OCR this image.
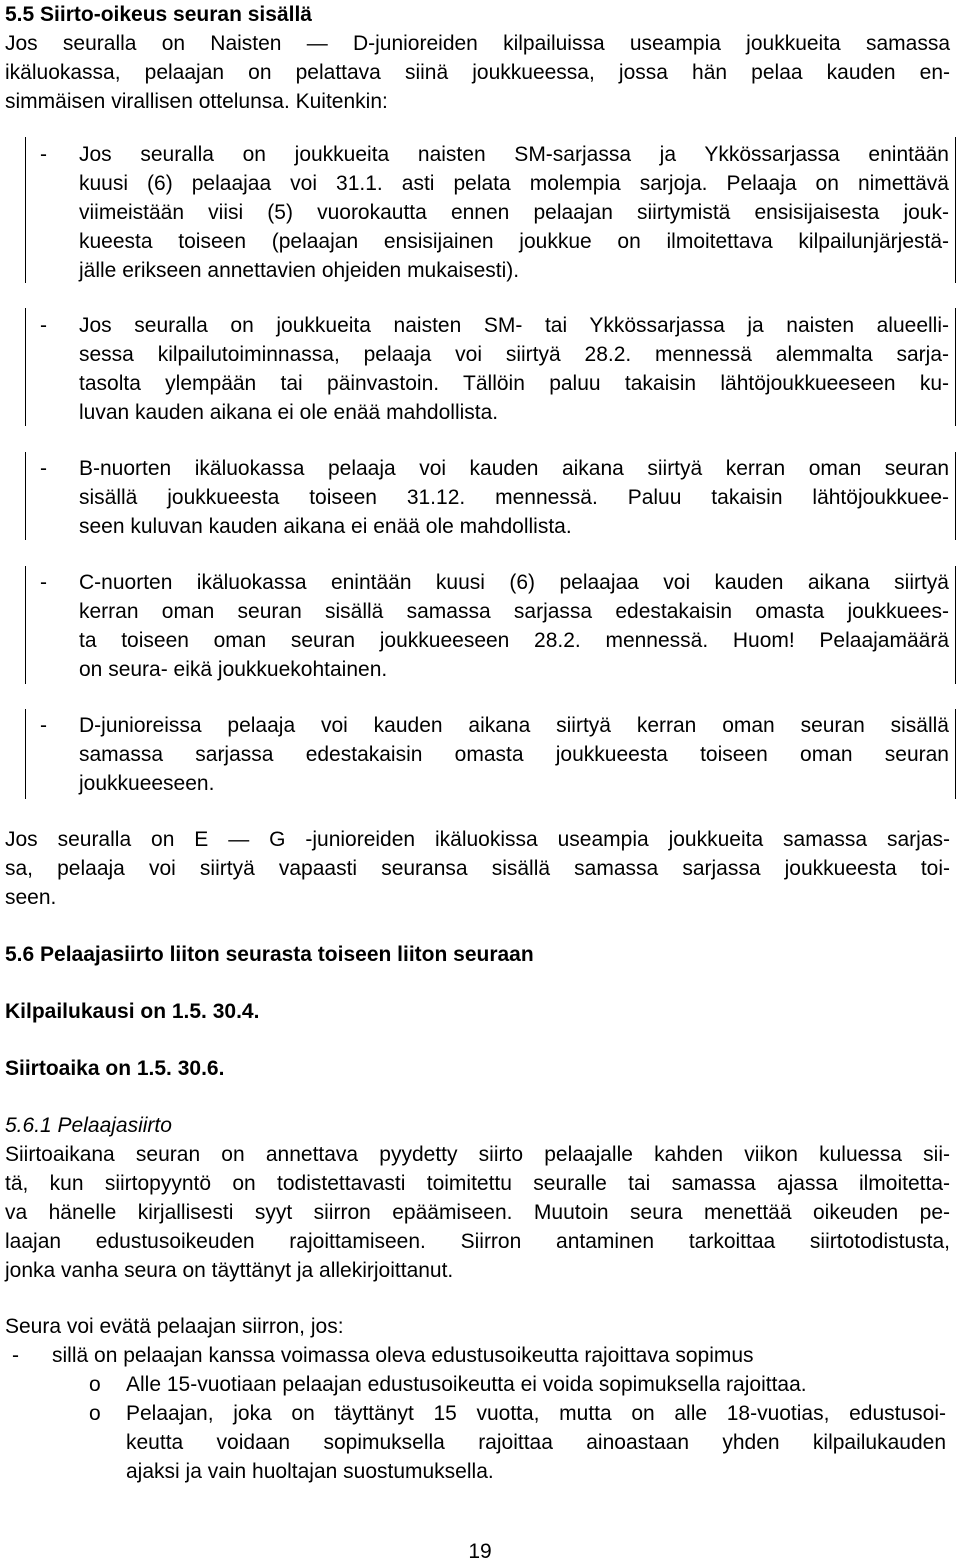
5.5 Siirto-oikeus seuran sisällä
Jos seuralla on Naisten — D-junioreiden kilpailuissa useampia joukkueita samassa
ikäluokassa, pelaajan on pelattava siinä joukkueessa, jossa hän pelaa kauden en-
simmäisen virallisen ottelunsa. Kuitenkin:
- Jos seuralla on joukkueita naisten SM-sarjassa ja Ykkössarjassa enintään
kuusi (6) pelaajaa voi 31.1. asti pelata molempia sarjoja. Pelaaja on nimettävä
viimeistään viisi (5) vuorokautta ennen pelaajan siirtymistä ensisijaisesta jouk-
kueesta toiseen (pelaajan ensisijainen joukkue on ilmoitettava kilpailunjärjestä-
jälle erikseen annettavien ohjeiden mukaisesti).
- Jos seuralla on joukkueita naisten SM- tai Ykkössarjassa ja naisten alueelli-
sessa kilpailutoiminnassa, pelaaja voi siirtyä 28.2. mennessä alemmalta sarja-
tasolta ylempään tai päinvastoin. Tällöin paluu takaisin lähtöjoukkueeseen ku-
luvan kauden aikana ei ole enää mahdollista.
- B-nuorten ikäluokassa pelaaja voi kauden aikana siirtyä kerran oman seuran
sisällä joukkueesta toiseen 31.12. mennessä. Paluu takaisin lähtöjoukkuee-
seen kuluvan kauden aikana ei enää ole mahdollista.
- C-nuorten ikäluokassa enintään kuusi (6) pelaajaa voi kauden aikana siirtyä
kerran oman seuran sisällä samassa sarjassa edestakaisin omasta joukkuees-
ta toiseen oman seuran joukkueeseen 28.2. mennessä. Huom! Pelaajamäärä
on seura- eikä joukkuekohtainen.
- D-junioreissa pelaaja voi kauden aikana siirtyä kerran oman seuran sisällä
samassa sarjassa edestakaisin omasta joukkueesta toiseen oman seuran
joukkueeseen.
Jos seuralla on E — G -junioreiden ikäluokissa useampia joukkueita samassa sarjas-
sa, pelaaja voi siirtyä vapaasti seuransa sisällä samassa sarjassa joukkueesta toi-
seen.
5.6 Pelaajasiirto liiton seurasta toiseen liiton seuraan
Kilpailukausi on 1.5. 30.4.
Siirtoaika on 1.5. 30.6.
5.6.1 Pelaajasiirto
Siirtoaikana seuran on annettava pyydetty siirto pelaajalle kahden viikon kuluessa sii-
tä, kun siirtopyyntö on todistettavasti toimitettu seuralle tai samassa ajassa ilmoitetta-
va hänelle kirjallisesti syyt siirron epäämiseen. Muutoin seura menettää oikeuden pe-
laajan edustusoikeuden rajoittamiseen. Siirron antaminen tarkoittaa siirtotodistusta,
jonka vanha seura on täyttänyt ja allekirjoittanut.
Seura voi evätä pelaajan siirron, jos:
- sillä on pelaajan kanssa voimassa oleva edustusoikeutta rajoittava sopimus
o Alle 15-vuotiaan pelaajan edustusoikeutta ei voida sopimuksella rajoittaa.
o Pelaajan, joka on täyttänyt 15 vuotta, mutta on alle 18-vuotias, edustusoi-
keutta voidaan sopimuksella rajoittaa ainoastaan yhden kilpailukauden
ajaksi ja vain huoltajan suostumuksella.
19
